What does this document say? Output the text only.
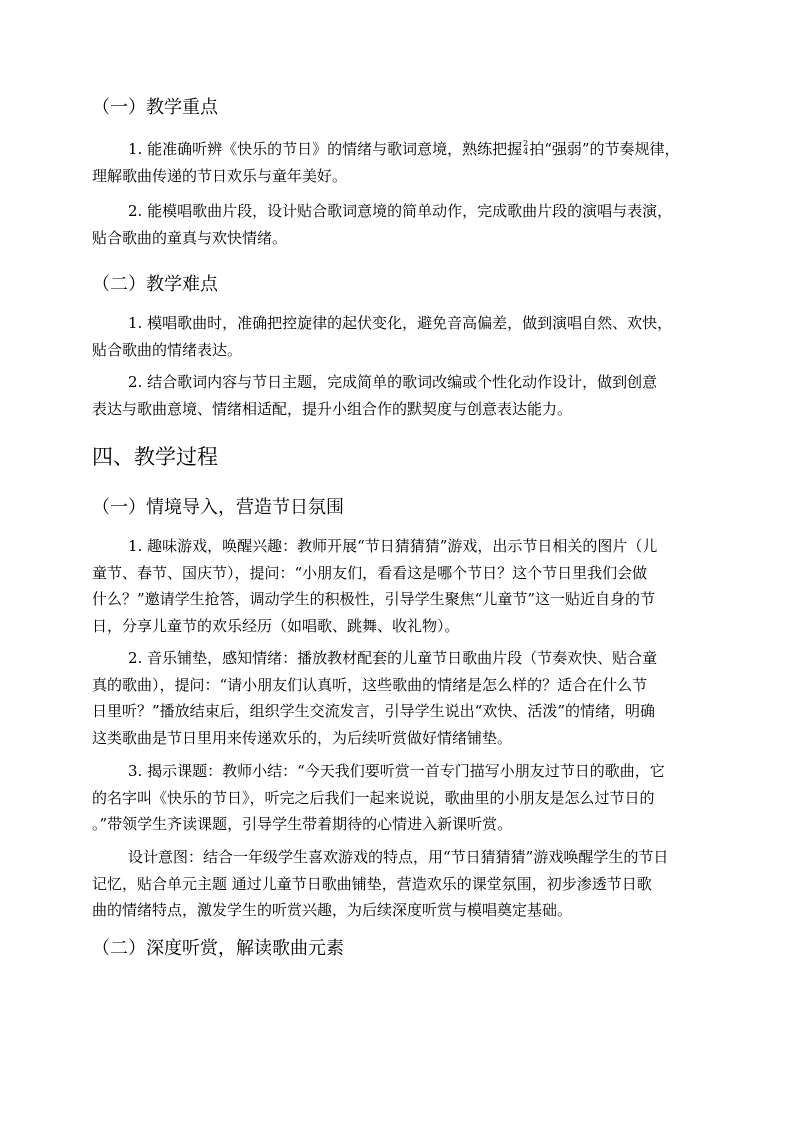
（一）教学重点
1. 能准确听辨《快乐的节日》的情绪与歌词意境，熟练把握 2
4 拍“强弱”的节奏规律，
理解歌曲传递的节日欢乐与童年美好。
2. 能模唱歌曲片段，设计贴合歌词意境的简单动作，完成歌曲片段的演唱与表演，
贴合歌曲的童真与欢快情绪。
（二）教学难点
1. 模唱歌曲时，准确把控旋律的起伏变化，避免音高偏差，做到演唱自然、欢快，
贴合歌曲的情绪表达。
2. 结合歌词内容与节日主题，完成简单的歌词改编或个性化动作设计，做到创意
表达与歌曲意境、情绪相适配，提升小组合作的默契度与创意表达能力。
四、教学过程
（一）情境导入，营造节日氛围
1. 趣味游戏，唤醒兴趣：教师开展“节日猜猜猜”游戏，出示节日相关的图片（儿
童节、春节、国庆节），提问：“小朋友们，看看这是哪个节日？这个节日里我们会做
什么？”邀请学生抢答，调动学生的积极性，引导学生聚焦“儿童节”这一贴近自身的节
日，分享儿童节的欢乐经历（如唱歌、跳舞、收礼物）。
2. 音乐铺垫，感知情绪：播放教材配套的儿童节日歌曲片段（节奏欢快、贴合童
真的歌曲），提问：“请小朋友们认真听，这些歌曲的情绪是怎么样的？适合在什么节
日里听？”播放结束后，组织学生交流发言，引导学生说出“欢快、活泼”的情绪，明确
这类歌曲是节日里用来传递欢乐的，为后续听赏做好情绪铺垫。
3. 揭示课题：教师小结：“今天我们要听赏一首专门描写小朋友过节日的歌曲，它
的名字叫《快乐的节日》，听完之后我们一起来说说，歌曲里的小朋友是怎么过节日的
。”带领学生齐读课题，引导学生带着期待的心情进入新课听赏。
设计意图：结合一年级学生喜欢游戏的特点，用“节日猜猜猜”游戏唤醒学生的节日
记忆，贴合单元主题 通过儿童节日歌曲铺垫，营造欢乐的课堂氛围，初步渗透节日歌
曲的情绪特点，激发学生的听赏兴趣，为后续深度听赏与模唱奠定基础。
（二）深度听赏，解读歌曲元素
